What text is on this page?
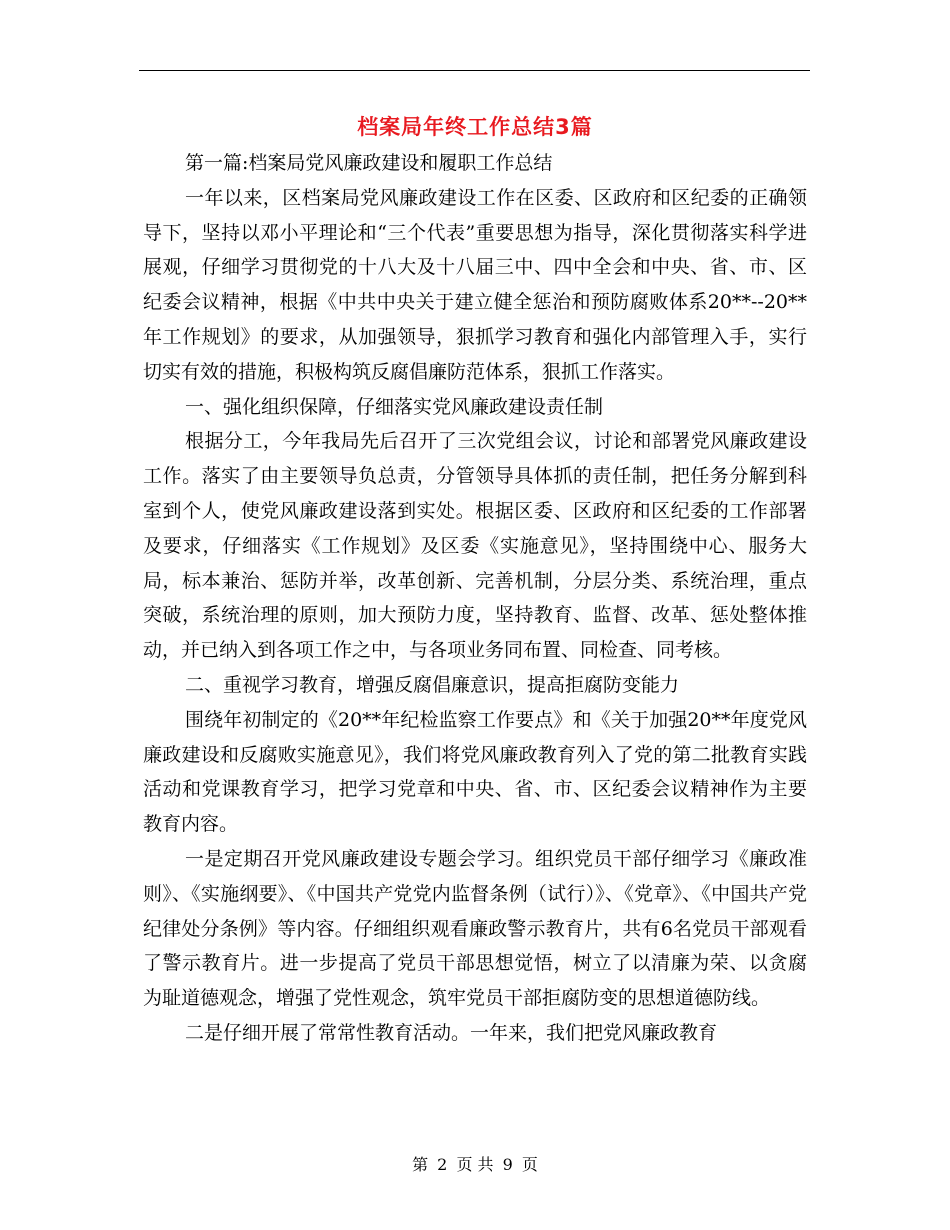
档案局年终工作总结3篇

第一篇:档案局党风廉政建设和履职工作总结

一年以来，区档案局党风廉政建设工作在区委、区政府和区纪委的正确领导下，坚持以邓小平理论和“三个代表”重要思想为指导，深化贯彻落实科学进展观，仔细学习贯彻党的十八大及十八届三中、四中全会和中央、省、市、区纪委会议精神，根据《中共中央关于建立健全惩治和预防腐败体系20**--20**年工作规划》的要求，从加强领导，狠抓学习教育和强化内部管理入手，实行切实有效的措施，积极构筑反腐倡廉防范体系，狠抓工作落实。

一、强化组织保障，仔细落实党风廉政建设责任制

根据分工，今年我局先后召开了三次党组会议，讨论和部署党风廉政建设工作。落实了由主要领导负总责，分管领导具体抓的责任制，把任务分解到科室到个人，使党风廉政建设落到实处。根据区委、区政府和区纪委的工作部署及要求，仔细落实《工作规划》及区委《实施意见》，坚持围绕中心、服务大局，标本兼治、惩防并举，改革创新、完善机制，分层分类、系统治理，重点突破，系统治理的原则，加大预防力度，坚持教育、监督、改革、惩处整体推动，并已纳入到各项工作之中，与各项业务同布置、同检查、同考核。

二、重视学习教育，增强反腐倡廉意识，提高拒腐防变能力

围绕年初制定的《20**年纪检监察工作要点》和《关于加强20**年度党风廉政建设和反腐败实施意见》，我们将党风廉政教育列入了党的第二批教育实践活动和党课教育学习，把学习党章和中央、省、市、区纪委会议精神作为主要教育内容。

一是定期召开党风廉政建设专题会学习。组织党员干部仔细学习《廉政准则》、《实施纲要》、《中国共产党党内监督条例（试行）》、《党章》、《中国共产党纪律处分条例》等内容。仔细组织观看廉政警示教育片，共有6名党员干部观看了警示教育片。进一步提高了党员干部思想觉悟，树立了以清廉为荣、以贪腐为耻道德观念，增强了党性观念，筑牢党员干部拒腐防变的思想道德防线。

二是仔细开展了常常性教育活动。一年来，我们把党风廉政教育

第 2 页 共 9 页
